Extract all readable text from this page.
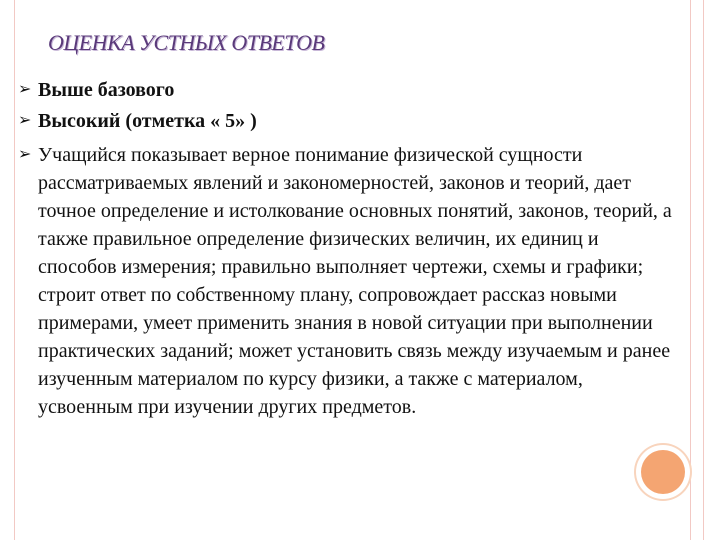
ОЦЕНКА УСТНЫХ ОТВЕТОВ
➢ Выше базового
➢ Высокий (отметка « 5» )
➢ Учащийся показывает верное понимание физической сущности рассматриваемых явлений и закономерностей, законов и теорий, дает точное определение и истолкование основных понятий, законов, теорий, а также правильное определение физических величин, их единиц и способов измерения; правильно выполняет чертежи, схемы и графики; строит ответ по собственному плану, сопровождает рассказ новыми примерами, умеет применить знания в новой ситуации при выполнении практических заданий; может установить связь между изучаемым и ранее изученным материалом по курсу физики, а также с материалом, усвоенным при изучении других предметов.
